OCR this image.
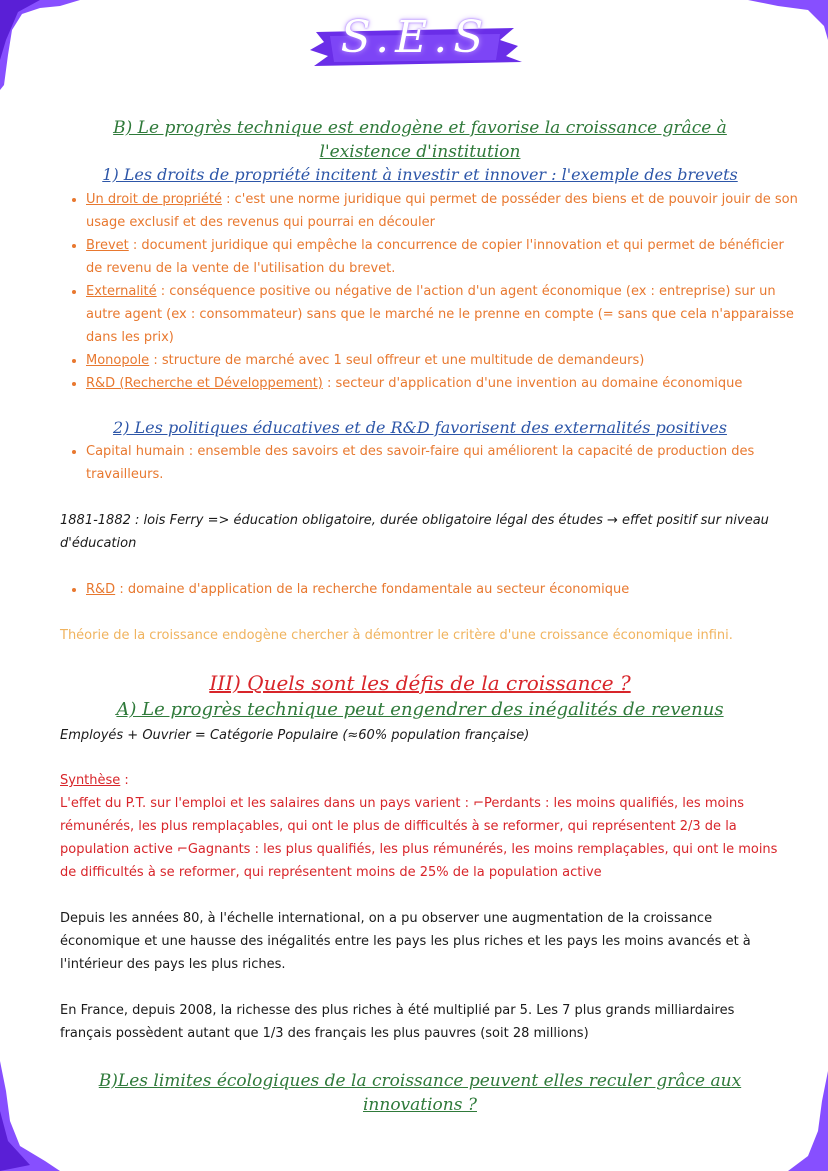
S.E.S
B) Le progrès technique est endogène et favorise la croissance grâce à
l'existence d'institution
1) Les droits de propriété incitent à investir et innover : l'exemple des brevets
• Un droit de propriété : c'est une norme juridique qui permet de posséder des biens et de pouvoir jouir de son usage exclusif et des revenus qui pourrai en découler
• Brevet : document juridique qui empêche la concurrence de copier l'innovation et qui permet de bénéficier de revenu de la vente de l'utilisation du brevet.
• Externalité : conséquence positive ou négative de l'action d'un agent économique (ex : entreprise) sur un autre agent (ex : consommateur) sans que le marché ne le prenne en compte (= sans que cela n'apparaisse dans les prix)
• Monopole : structure de marché avec 1 seul offreur et une multitude de demandeurs)
• R&D (Recherche et Développement) : secteur d'application d'une invention au domaine économique
2) Les politiques éducatives et de R&D favorisent des externalités positives
• Capital humain : ensemble des savoirs et des savoir-faire qui améliorent la capacité de production des travailleurs.

1881-1882 : lois Ferry => éducation obligatoire, durée obligatoire légal des études → effet positif sur niveau d'éducation

• R&D : domaine d'application de la recherche fondamentale au secteur économique

Théorie de la croissance endogène chercher à démontrer le critère d'une croissance économique infini.

III) Quels sont les défis de la croissance ?
A) Le progrès technique peut engendrer des inégalités de revenus

Employés + Ouvrier = Catégorie Populaire (≈60% population française)

Synthèse :

L'effet du P.T. sur l'emploi et les salaires dans un pays varient : ⌐Perdants : les moins qualifiés, les moins rémunérés, les plus remplaçables, qui ont le plus de difficultés à se reformer, qui représentent 2/3 de la population active ⌐Gagnants : les plus qualifiés, les plus rémunérés, les moins remplaçables, qui ont le moins de difficultés à se reformer, qui représentent moins de 25% de la population active

Depuis les années 80, à l'échelle international, on a pu observer une augmentation de la croissance économique et une hausse des inégalités entre les pays les plus riches et les pays les moins avancés et à l'intérieur des pays les plus riches.

En France, depuis 2008, la richesse des plus riches à été multiplié par 5. Les 7 plus grands milliardaires français possèdent autant que 1/3 des français les plus pauvres (soit 28 millions)

B)Les limites écologiques de la croissance peuvent elles reculer grâce aux
innovations ?
